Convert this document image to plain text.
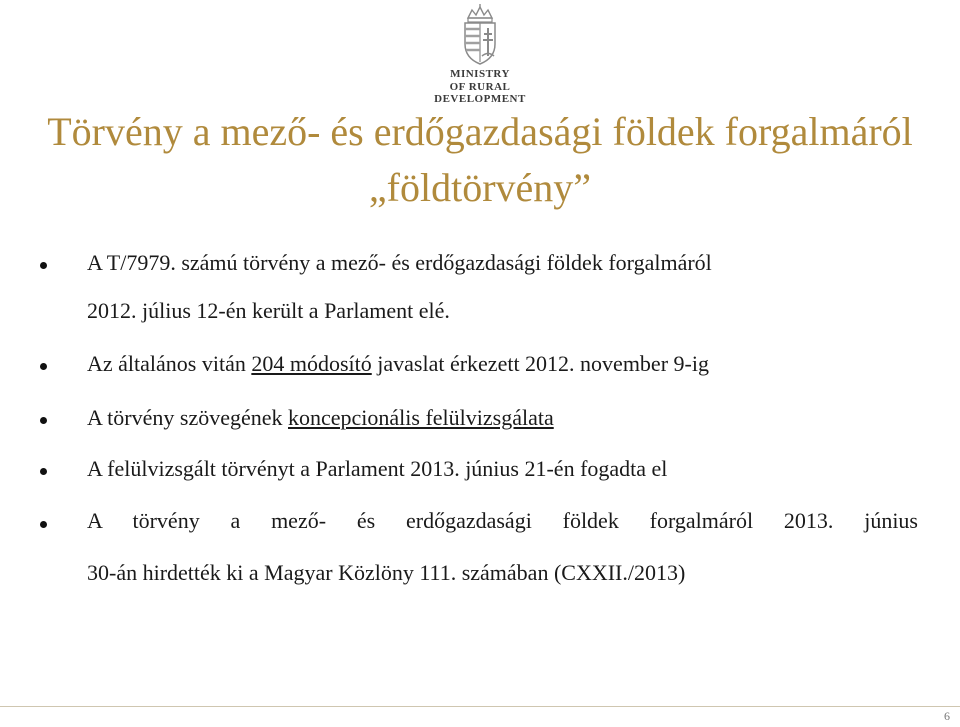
MINISTRY
OF RURAL DEVELOPMENT
Törvény a mező- és erdőgazdasági földek forgalmáról
„földtörvény”
A T/7979. számú törvény a mező- és erdőgazdasági földek forgalmáról
2012. július 12-én került a Parlament elé.
Az általános vitán 204 módosító javaslat érkezett 2012. november 9-ig
A törvény szövegének koncepcionális felülvizsgálata
A felülvizsgált törvényt a Parlament 2013. június 21-én fogadta el
A törvény a mező- és erdőgazdasági földek forgalmáról 2013. június
30-án hirdették ki a Magyar Közlöny 111. számában (CXXII./2013)
6
